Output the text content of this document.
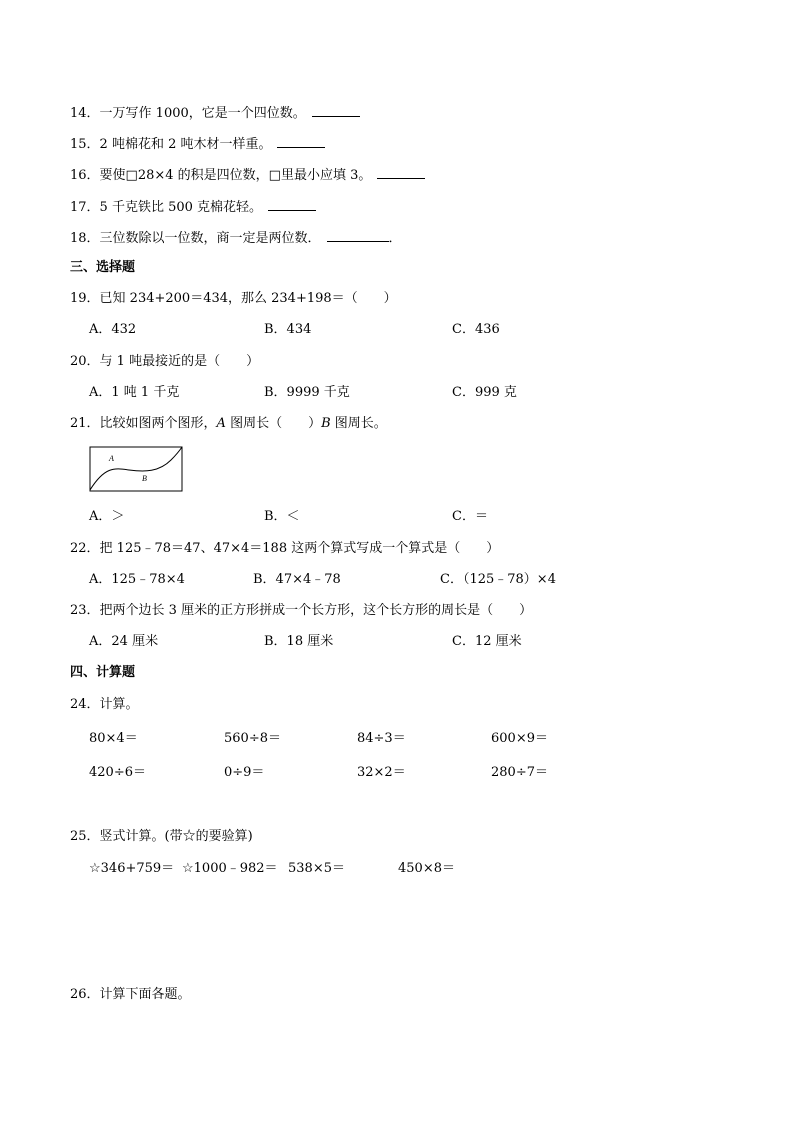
14．一万写作 1000，它是一个四位数。
15．2 吨棉花和 2 吨木材一样重。
16．要使□28×4 的积是四位数，□里最小应填 3。
17．5 千克铁比 500 克棉花轻。
18．三位数除以一位数，商一定是两位数．	．
三、选择题
19．已知 234+200＝434，那么 234+198＝（　　）
A．432	B．434	C．436
20．与 1 吨最接近的是（　　）
A．1 吨 1 千克	B．9999 千克	C．999 克
21．比较如图两个图形，A 图周长（　　）B 图周长。
A
B
A．＞	B．＜	C．＝
22．把 125﹣78＝47、47×4＝188 这两个算式写成一个算式是（　　）
A．125﹣78×4	B．47×4﹣78	C．（125﹣78）×4
23．把两个边长 3 厘米的正方形拼成一个长方形，这个长方形的周长是（　　）
A．24 厘米	B．18 厘米	C．12 厘米
四、计算题
24．计算。
80×4＝	560÷8＝	84÷3＝	600×9＝
420÷6＝	0÷9＝	32×2＝	280÷7＝
25．竖式计算。(带☆的要验算)
☆346+759＝ ☆1000﹣982＝ 538×5＝	450×8＝
26．计算下面各题。
